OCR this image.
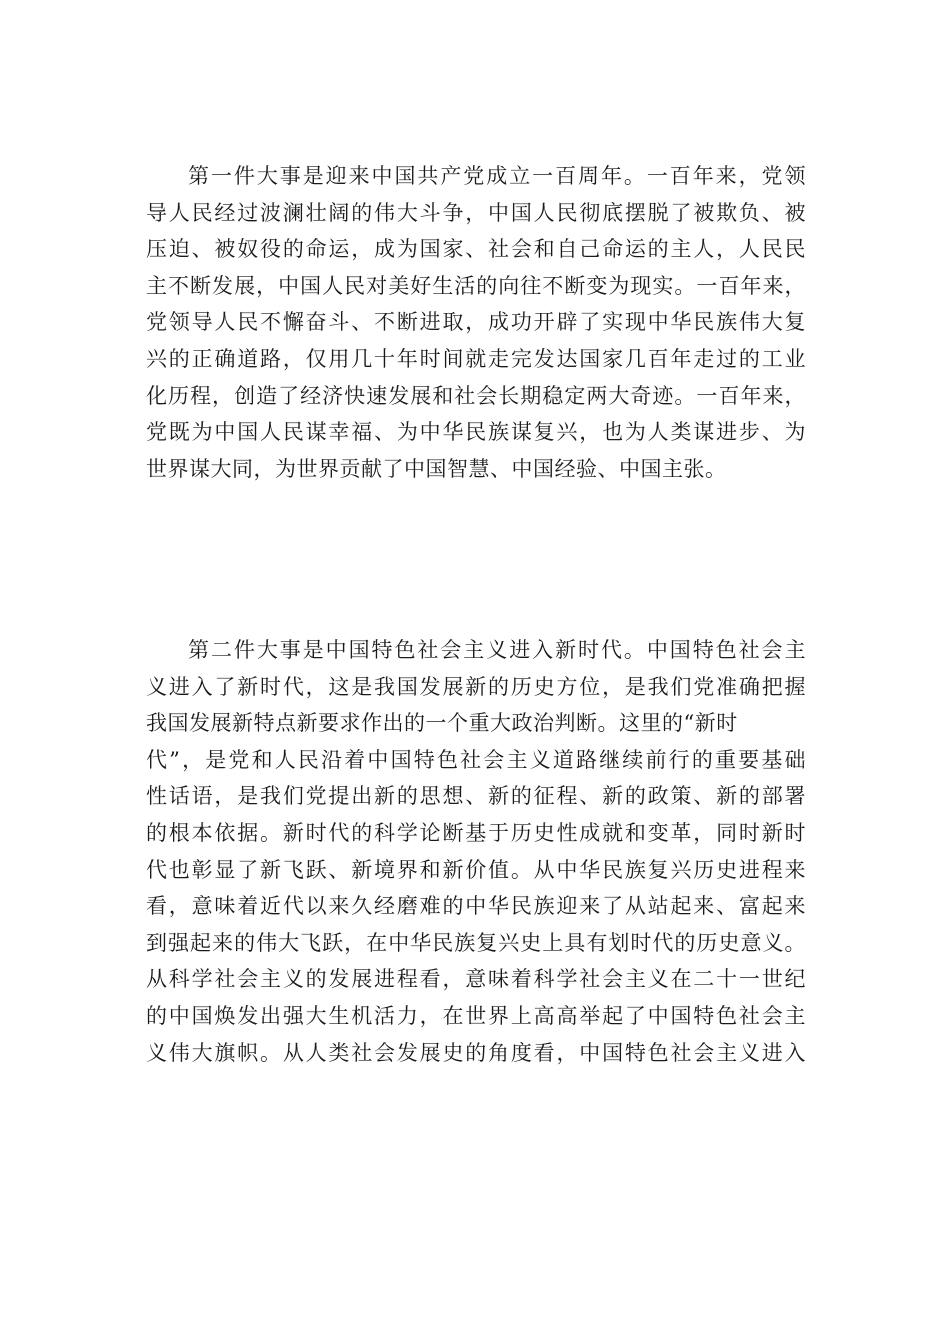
第一件大事是迎来中国共产党成立一百周年。一百年来，党领

导人民经过波澜壮阔的伟大斗争，中国人民彻底摆脱了被欺负、被

压迫、被奴役的命运，成为国家、社会和自己命运的主人，人民民

主不断发展，中国人民对美好生活的向往不断变为现实。一百年来，

党领导人民不懈奋斗、不断进取，成功开辟了实现中华民族伟大复

兴的正确道路，仅用几十年时间就走完发达国家几百年走过的工业

化历程，创造了经济快速发展和社会长期稳定两大奇迹。一百年来，

党既为中国人民谋幸福、为中华民族谋复兴，也为人类谋进步、为

世界谋大同，为世界贡献了中国智慧、中国经验、中国主张。

第二件大事是中国特色社会主义进入新时代。中国特色社会主

义进入了新时代，这是我国发展新的历史方位，是我们党准确把握

我国发展新特点新要求作出的一个重大政治判断。这里的“新时

代”，是党和人民沿着中国特色社会主义道路继续前行的重要基础

性话语，是我们党提出新的思想、新的征程、新的政策、新的部署

的根本依据。新时代的科学论断基于历史性成就和变革，同时新时

代也彰显了新飞跃、新境界和新价值。从中华民族复兴历史进程来

看，意味着近代以来久经磨难的中华民族迎来了从站起来、富起来

到强起来的伟大飞跃，在中华民族复兴史上具有划时代的历史意义。

从科学社会主义的发展进程看，意味着科学社会主义在二十一世纪

的中国焕发出强大生机活力，在世界上高高举起了中国特色社会主

义伟大旗帜。从人类社会发展史的角度看，中国特色社会主义进入
